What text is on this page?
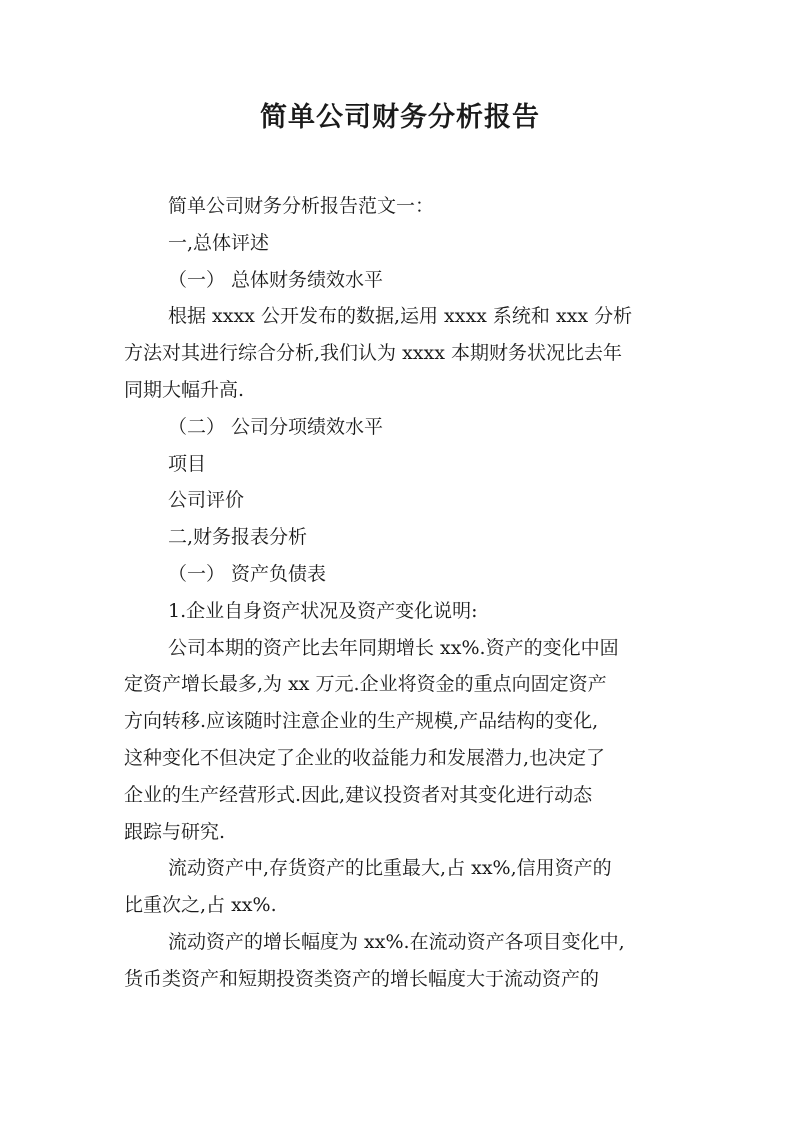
简单公司财务分析报告
简单公司财务分析报告范文一：
一,总体评述
（一） 总体财务绩效水平
根据 xxxx 公开发布的数据,运用 xxxx 系统和 xxx 分析
方法对其进行综合分析,我们认为 xxxx 本期财务状况比去年
同期大幅升高.
（二） 公司分项绩效水平
项目
公司评价
二,财务报表分析
（一） 资产负债表
1.企业自身资产状况及资产变化说明:
公司本期的资产比去年同期增长 xx%.资产的变化中固
定资产增长最多,为 xx 万元.企业将资金的重点向固定资产
方向转移.应该随时注意企业的生产规模,产品结构的变化,
这种变化不但决定了企业的收益能力和发展潜力,也决定了
企业的生产经营形式.因此,建议投资者对其变化进行动态
跟踪与研究.
流动资产中,存货资产的比重最大,占 xx%,信用资产的
比重次之,占 xx%.
流动资产的增长幅度为 xx%.在流动资产各项目变化中,
货币类资产和短期投资类资产的增长幅度大于流动资产的
